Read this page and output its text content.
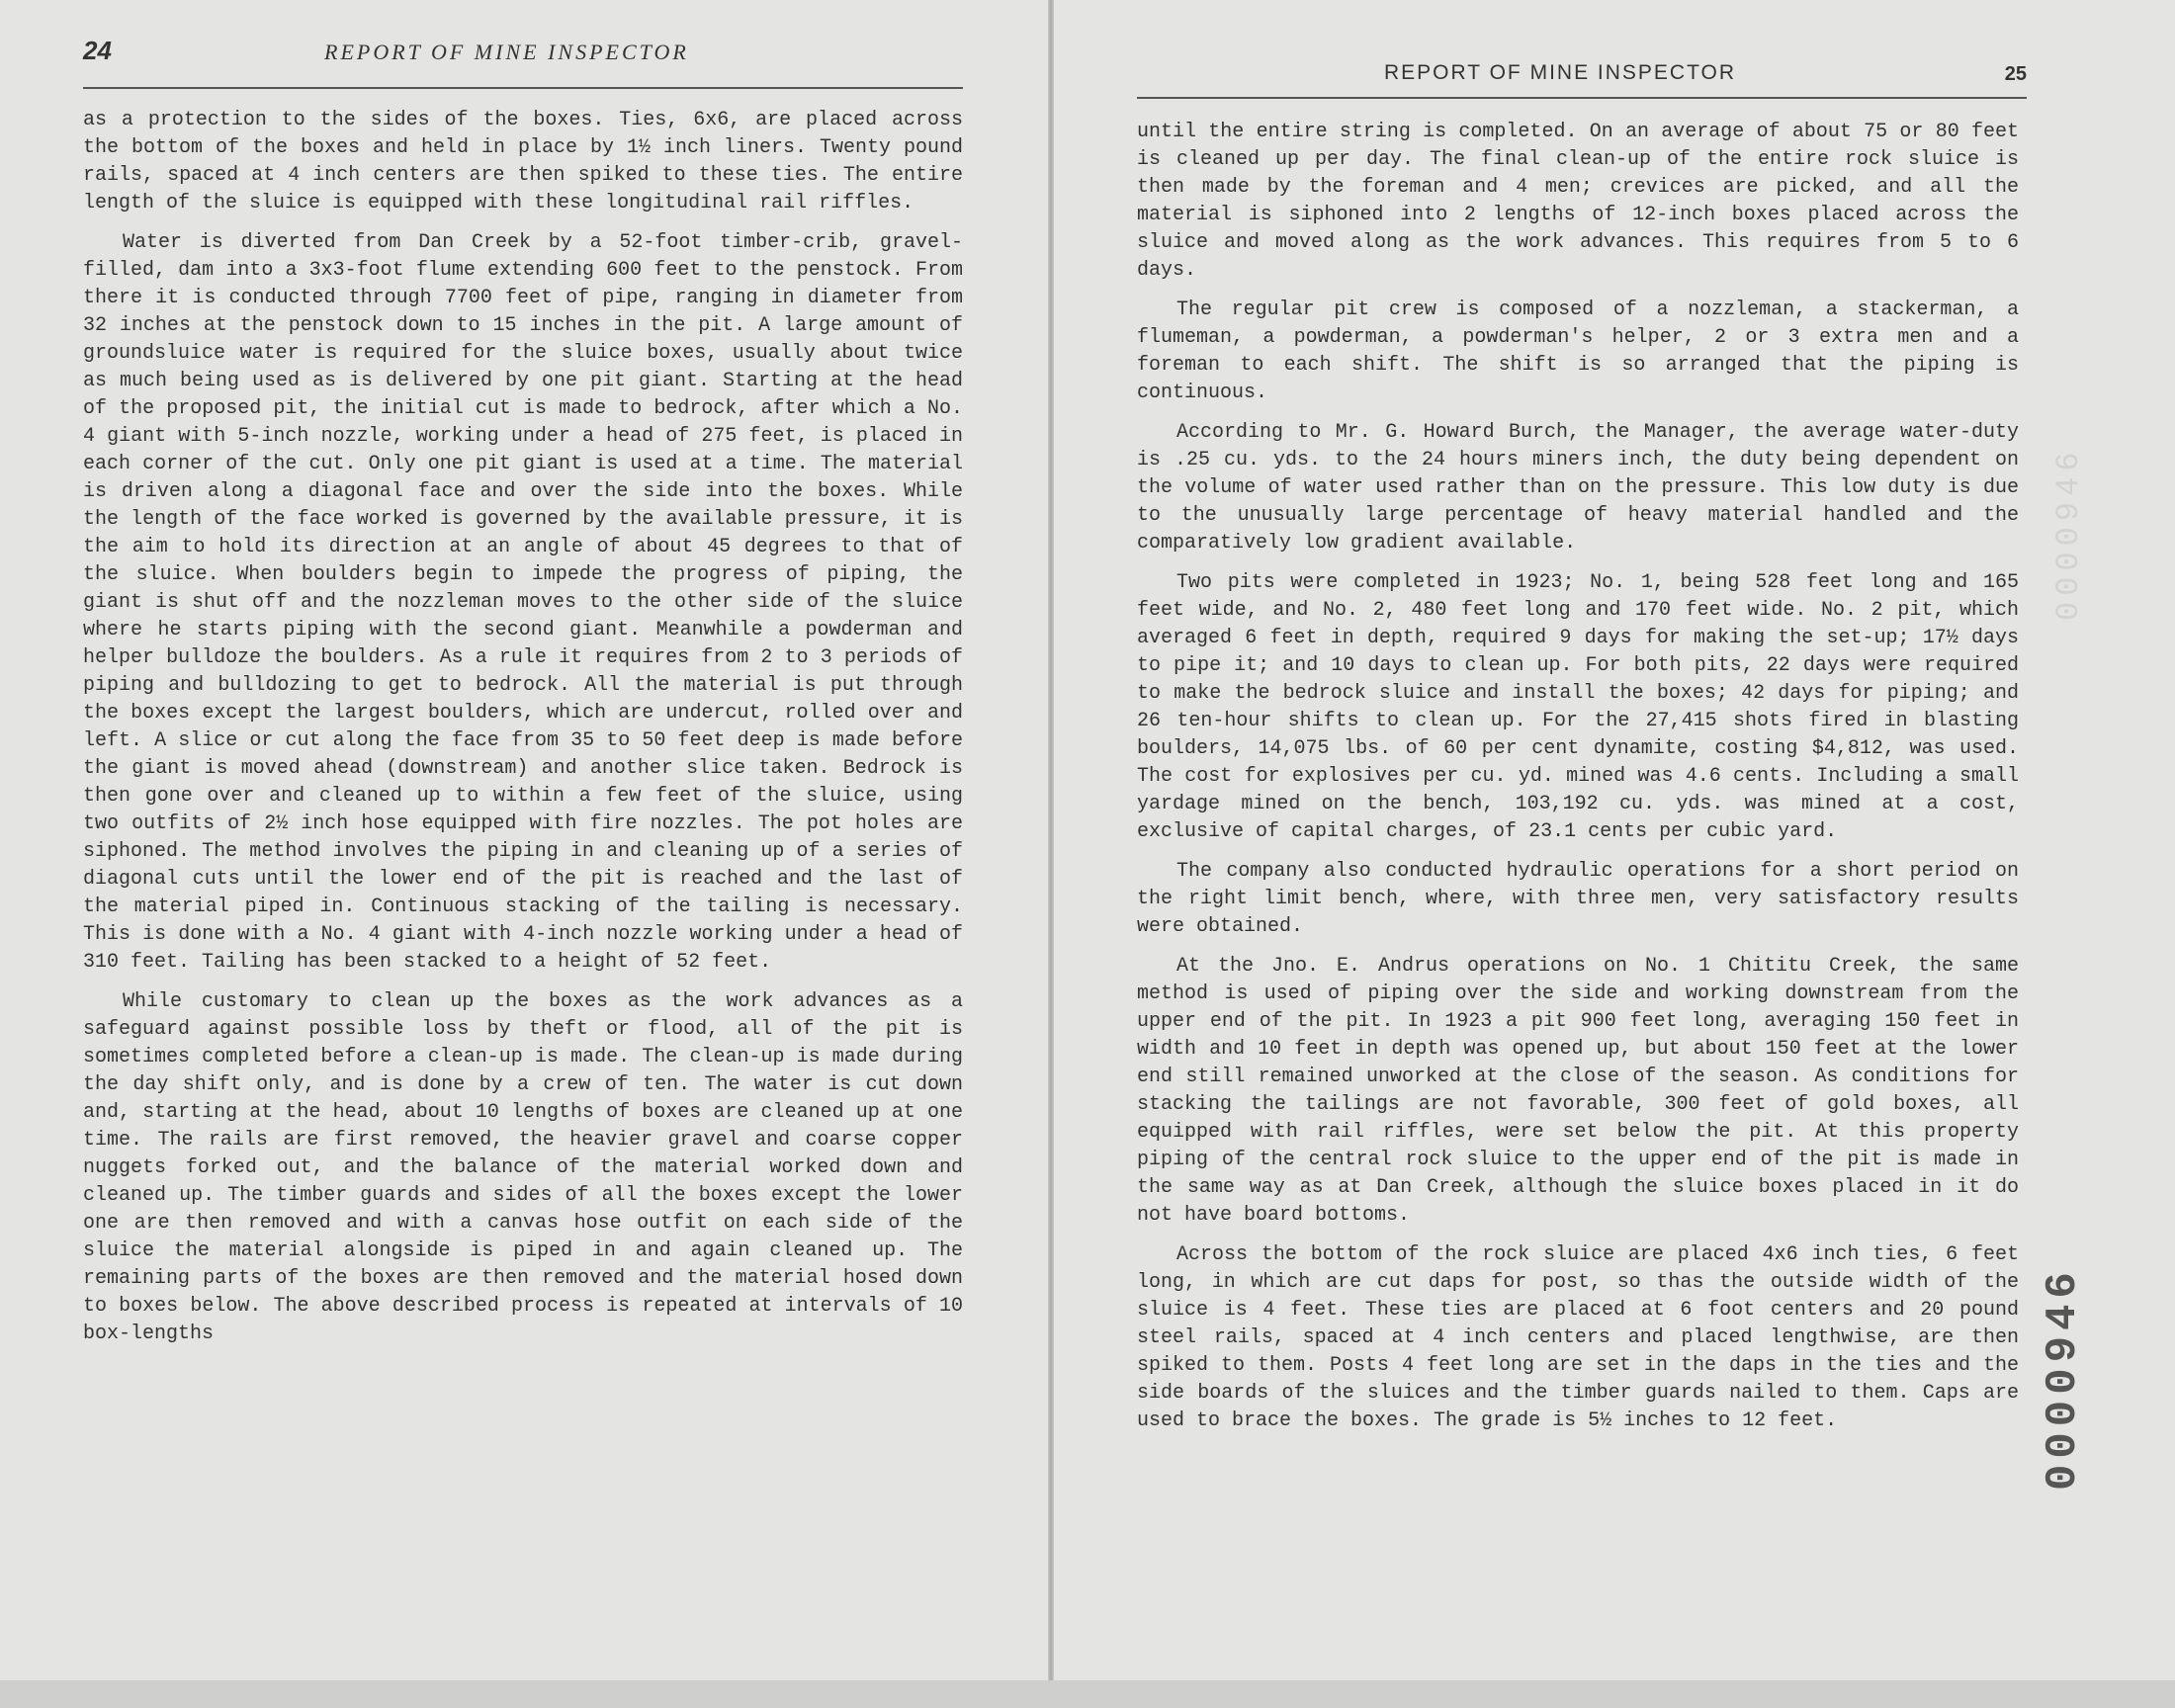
24	REPORT OF MINE INSPECTOR

as a protection to the sides of the boxes. Ties, 6x6, are placed across the bottom of the boxes and held in place by 1½ inch liners. Twenty pound rails, spaced at 4 inch centers are then spiked to these ties. The entire length of the sluice is equipped with these longitudinal rail riffles.

Water is diverted from Dan Creek by a 52-foot timber-crib, gravel-filled, dam into a 3x3-foot flume extending 600 feet to the penstock. From there it is conducted through 7700 feet of pipe, ranging in diameter from 32 inches at the penstock down to 15 inches in the pit. A large amount of groundsluice water is required for the sluice boxes, usually about twice as much being used as is delivered by one pit giant. Starting at the head of the proposed pit, the initial cut is made to bedrock, after which a No. 4 giant with 5-inch nozzle, working under a head of 275 feet, is placed in each corner of the cut. Only one pit giant is used at a time. The material is driven along a diagonal face and over the side into the boxes. While the length of the face worked is governed by the available pressure, it is the aim to hold its direction at an angle of about 45 degrees to that of the sluice. When boulders begin to impede the progress of piping, the giant is shut off and the nozzleman moves to the other side of the sluice where he starts piping with the second giant. Meanwhile a powderman and helper bulldoze the boulders. As a rule it requires from 2 to 3 periods of piping and bulldozing to get to bedrock. All the material is put through the boxes except the largest boulders, which are undercut, rolled over and left. A slice or cut along the face from 35 to 50 feet deep is made before the giant is moved ahead (downstream) and another slice taken. Bedrock is then gone over and cleaned up to within a few feet of the sluice, using two outfits of 2½ inch hose equipped with fire nozzles. The pot holes are siphoned. The method involves the piping in and cleaning up of a series of diagonal cuts until the lower end of the pit is reached and the last of the material piped in. Continuous stacking of the tailing is necessary. This is done with a No. 4 giant with 4-inch nozzle working under a head of 310 feet. Tailing has been stacked to a height of 52 feet.

While customary to clean up the boxes as the work advances as a safeguard against possible loss by theft or flood, all of the pit is sometimes completed before a clean-up is made. The clean-up is made during the day shift only, and is done by a crew of ten. The water is cut down and, starting at the head, about 10 lengths of boxes are cleaned up at one time. The rails are first removed, the heavier gravel and coarse copper nuggets forked out, and the balance of the material worked down and cleaned up. The timber guards and sides of all the boxes except the lower one are then removed and with a canvas hose outfit on each side of the sluice the material alongside is piped in and again cleaned up. The remaining parts of the boxes are then removed and the material hosed down to boxes below. The above described process is repeated at intervals of 10 box-lengths

REPORT OF MINE INSPECTOR	25

until the entire string is completed. On an average of about 75 or 80 feet is cleaned up per day. The final clean-up of the entire rock sluice is then made by the foreman and 4 men; crevices are picked, and all the material is siphoned into 2 lengths of 12-inch boxes placed across the sluice and moved along as the work advances. This requires from 5 to 6 days.

The regular pit crew is composed of a nozzleman, a stackerman, a flumeman, a powderman, a powderman's helper, 2 or 3 extra men and a foreman to each shift. The shift is so arranged that the piping is continuous.

According to Mr. G. Howard Burch, the Manager, the average water-duty is .25 cu. yds. to the 24 hours miners inch, the duty being dependent on the volume of water used rather than on the pressure. This low duty is due to the unusually large percentage of heavy material handled and the comparatively low gradient available.

Two pits were completed in 1923; No. 1, being 528 feet long and 165 feet wide, and No. 2, 480 feet long and 170 feet wide. No. 2 pit, which averaged 6 feet in depth, required 9 days for making the set-up; 17½ days to pipe it; and 10 days to clean up. For both pits, 22 days were required to make the bedrock sluice and install the boxes; 42 days for piping; and 26 ten-hour shifts to clean up. For the 27,415 shots fired in blasting boulders, 14,075 lbs. of 60 per cent dynamite, costing $4,812, was used. The cost for explosives per cu. yd. mined was 4.6 cents. Including a small yardage mined on the bench, 103,192 cu. yds. was mined at a cost, exclusive of capital charges, of 23.1 cents per cubic yard.

The company also conducted hydraulic operations for a short period on the right limit bench, where, with three men, very satisfactory results were obtained.

At the Jno. E. Andrus operations on No. 1 Chititu Creek, the same method is used of piping over the side and working downstream from the upper end of the pit. In 1923 a pit 900 feet long, averaging 150 feet in width and 10 feet in depth was opened up, but about 150 feet at the lower end still remained unworked at the close of the season. As conditions for stacking the tailings are not favorable, 300 feet of gold boxes, all equipped with rail riffles, were set below the pit. At this property piping of the central rock sluice to the upper end of the pit is made in the same way as at Dan Creek, although the sluice boxes placed in it do not have board bottoms.

Across the bottom of the rock sluice are placed 4x6 inch ties, 6 feet long, in which are cut daps for post, so thas the outside width of the sluice is 4 feet. These ties are placed at 6 foot centers and 20 pound steel rails, spaced at 4 inch centers and placed lengthwise, are then spiked to them. Posts 4 feet long are set in the daps in the ties and the side boards of the sluices and the timber guards nailed to them. Caps are used to brace the boxes. The grade is 5½ inches to 12 feet.	0000946
0000946
